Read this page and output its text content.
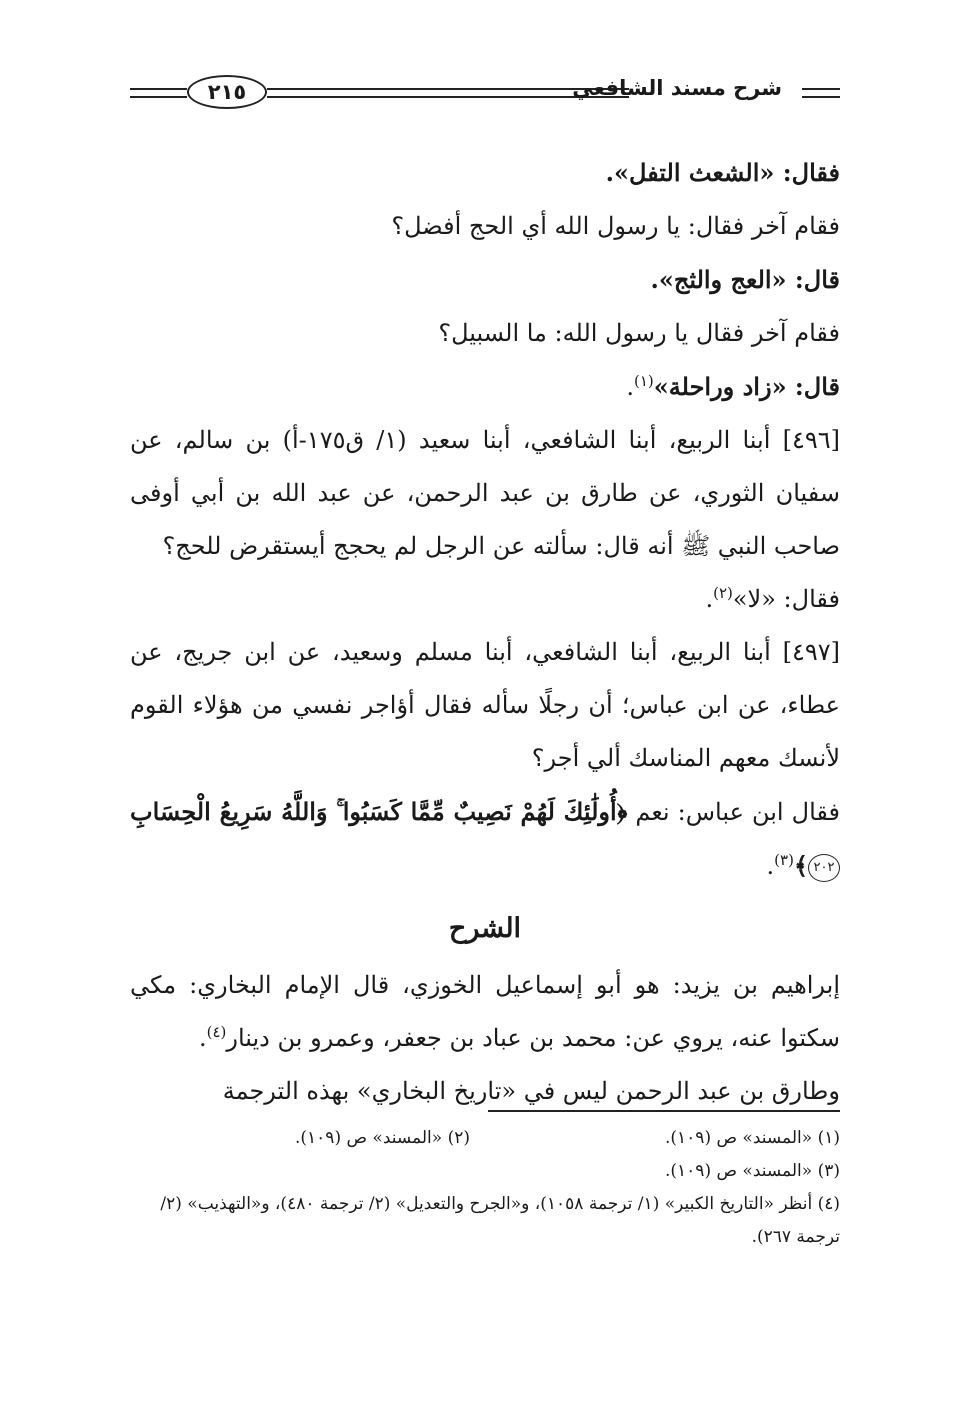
٢١٥	شرح مسند الشافعي

فقال: «الشعث التفل».

فقام آخر فقال: يا رسول الله أي الحج أفضل؟

قال: «العج والثج».

فقام آخر فقال يا رسول الله: ما السبيل؟

قال: «زاد وراحلة»$^{(١)}$.

[٤٩٦] أبنا الربيع، أبنا الشافعي، أبنا سعيد (١/ ق١٧٥-أ) بن سالم، عن سفيان الثوري، عن طارق بن عبد الرحمن، عن عبد الله بن أبي أوفى صاحب النبي ﷺ أنه قال: سألته عن الرجل لم يحجج أيستقرض للحج؟

فقال: «لا»$^{(٢)}$.

[٤٩٧] أبنا الربيع، أبنا الشافعي، أبنا مسلم وسعيد، عن ابن جريج، عن عطاء، عن ابن عباس؛ أن رجلًا سأله فقال أؤاجر نفسي من هؤلاء القوم لأنسك معهم المناسك ألي أجر؟

فقال ابن عباس: نعم ﴿أُولَٰئِكَ لَهُمْ نَصِيبٌ مِّمَّا كَسَبُوا ۚ وَاللَّهُ سَرِيعُ الْحِسَابِ ٢٠٢﴾$^{(٣)}$.

الشرح

إبراهيم بن يزيد: هو أبو إسماعيل الخوزي، قال الإمام البخاري: مكي سكتوا عنه، يروي عن: محمد بن عباد بن جعفر، وعمرو بن دينار$^{(٤)}$.

وطارق بن عبد الرحمن ليس في «تاريخ البخاري» بهذه الترجمة

(١) «المسند» ص (١٠٩).
(٢) «المسند» ص (١٠٩).
(٣) «المسند» ص (١٠٩).
(٤) أنظر «التاريخ الكبير» (١/ ترجمة ١٠٥٨)، و«الجرح والتعديل» (٢/ ترجمة ٤٨٠)، و«التهذيب» (٢/ ترجمة ٢٦٧).
